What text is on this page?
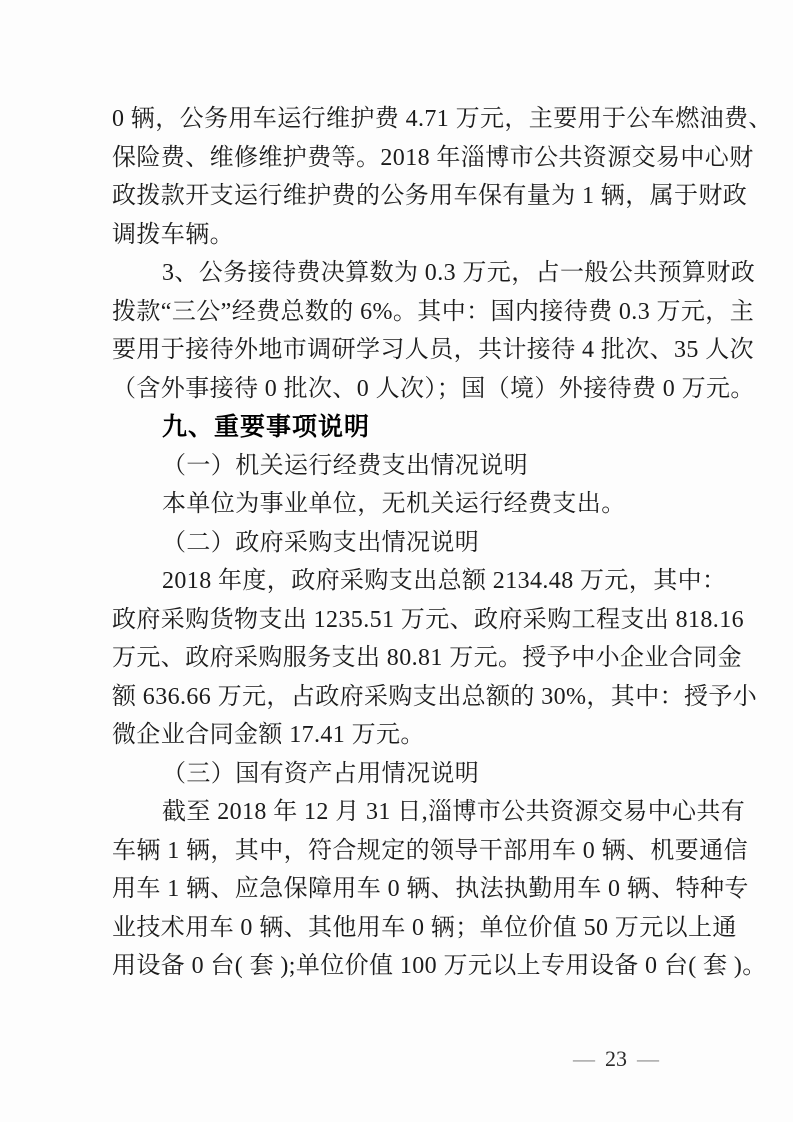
0 辆，公务用车运行维护费 4.71 万元，主要用于公车燃油费、
保险费、维修维护费等。2018 年淄博市公共资源交易中心财
政拨款开支运行维护费的公务用车保有量为 1 辆，属于财政
调拨车辆。
3、公务接待费决算数为 0.3 万元，占一般公共预算财政
拨款“三公”经费总数的 6%。其中：国内接待费 0.3 万元，主
要用于接待外地市调研学习人员，共计接待 4 批次、35 人次
（含外事接待 0 批次、0 人次）；国（境）外接待费 0 万元。
九、重要事项说明
（一）机关运行经费支出情况说明
本单位为事业单位，无机关运行经费支出。
（二）政府采购支出情况说明
2018 年度，政府采购支出总额 2134.48 万元，其中：
政府采购货物支出 1235.51 万元、政府采购工程支出 818.16
万元、政府采购服务支出 80.81 万元。授予中小企业合同金
额 636.66 万元，占政府采购支出总额的 30%，其中：授予小
微企业合同金额 17.41 万元。
（三）国有资产占用情况说明
截至 2018 年 12 月 31 日,淄博市公共资源交易中心共有
车辆 1 辆，其中，符合规定的领导干部用车 0 辆、机要通信
用车 1 辆、应急保障用车 0 辆、执法执勤用车 0 辆、特种专
业技术用车 0 辆、其他用车 0 辆；单位价值 50 万元以上通
用设备 0 台( 套 );单位价值 100 万元以上专用设备 0 台( 套 )。
— 23 —
